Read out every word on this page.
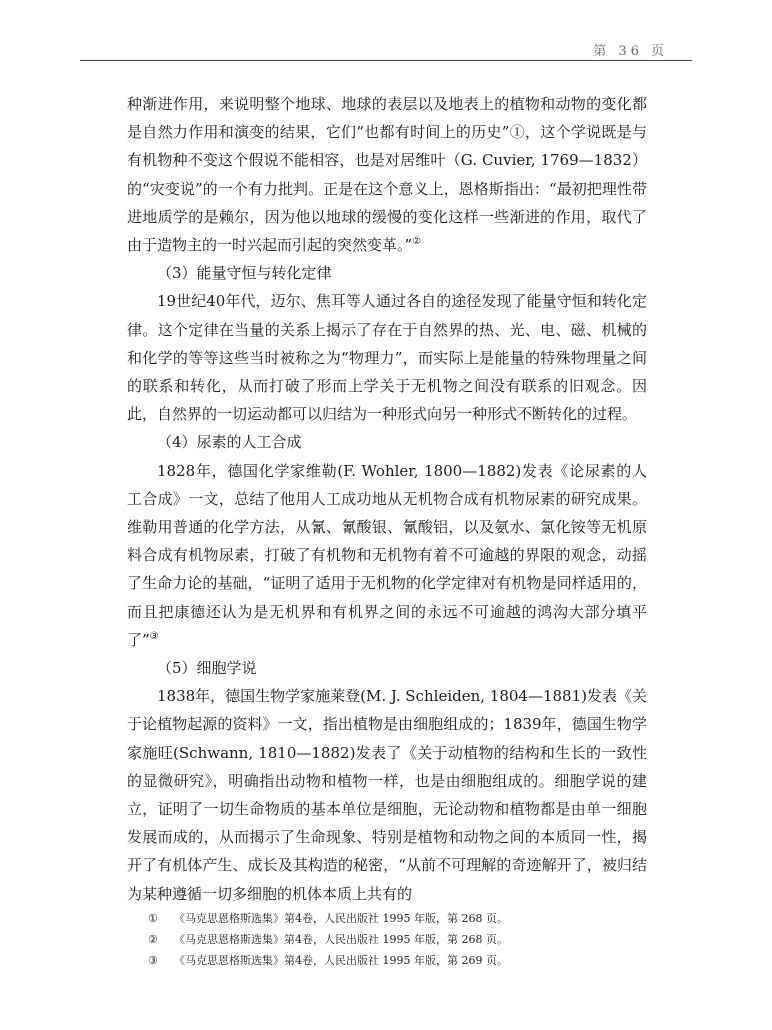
第 36 页

种渐进作用，来说明整个地球、地球的表层以及地表上的植物和动物的变化都是自然力作用和演变的结果，它们“也都有时间上的历史”①，这个学说既是与有机物种不变这个假说不能相容，也是对居维叶（G. Cuvier, 1769—1832）的“灾变说”的一个有力批判。正是在这个意义上，恩格斯指出：“最初把理性带进地质学的是赖尔，因为他以地球的缓慢的变化这样一些渐进的作用，取代了由于造物主的一时兴起而引起的突然变革。”②

（3）能量守恒与转化定律

19世纪40年代，迈尔、焦耳等人通过各自的途径发现了能量守恒和转化定律。这个定律在当量的关系上揭示了存在于自然界的热、光、电、磁、机械的和化学的等等这些当时被称之为“物理力”，而实际上是能量的特殊物理量之间的联系和转化，从而打破了形而上学关于无机物之间没有联系的旧观念。因此，自然界的一切运动都可以归结为一种形式向另一种形式不断转化的过程。

（4）尿素的人工合成

1828年，德国化学家维勒(F. Wohler, 1800—1882)发表《论尿素的人工合成》一文，总结了他用人工成功地从无机物合成有机物尿素的研究成果。维勒用普通的化学方法，从氰、氰酸银、氰酸铝，以及氨水、氯化铵等无机原料合成有机物尿素，打破了有机物和无机物有着不可逾越的界限的观念，动摇了生命力论的基础，“证明了适用于无机物的化学定律对有机物是同样适用的，而且把康德还认为是无机界和有机界之间的永远不可逾越的鸿沟大部分填平了”③

（5）细胞学说

1838年，德国生物学家施莱登(M. J. Schleiden, 1804—1881)发表《关于论植物起源的资料》一文，指出植物是由细胞组成的；1839年，德国生物学家施旺(Schwann, 1810—1882)发表了《关于动植物的结构和生长的一致性的显微研究》，明确指出动物和植物一样，也是由细胞组成的。细胞学说的建立，证明了一切生命物质的基本单位是细胞，无论动物和植物都是由单一细胞发展而成的，从而揭示了生命现象、特别是植物和动物之间的本质同一性，揭开了有机体产生、成长及其构造的秘密，“从前不可理解的奇迹解开了，被归结为某种遵循一切多细胞的机体本质上共有的

① 《马克思恩格斯选集》第4卷，人民出版社 1995 年版，第 268 页。
② 《马克思恩格斯选集》第4卷，人民出版社 1995 年版，第 268 页。
③ 《马克思恩格斯选集》第4卷，人民出版社 1995 年版，第 269 页。
